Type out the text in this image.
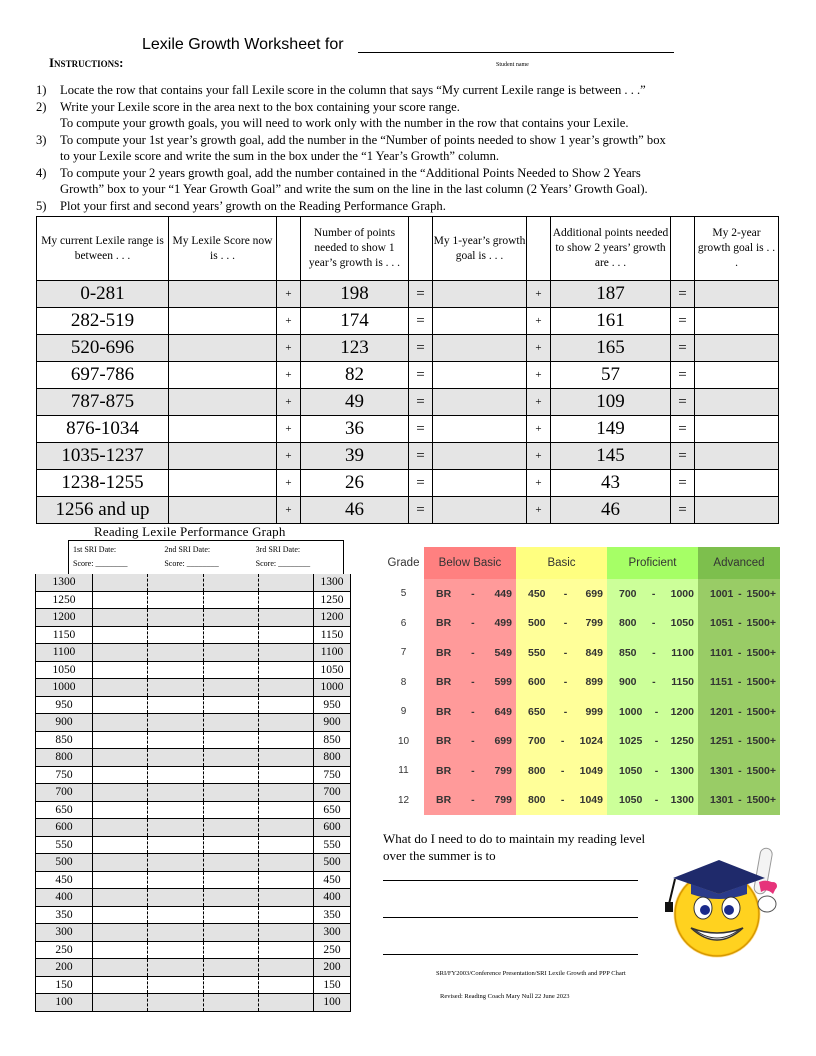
Lexile Growth Worksheet for
Instructions:	Student name
1)	Locate the row that contains your fall Lexile score in the column that says “My current Lexile range is between . . .”
2)	Write your Lexile score in the area next to the box containing your score range.
To compute your growth goals, you will need to work only with the number in the row that contains your Lexile.
3)	To compute your 1st year’s growth goal, add the number in the “Number of points needed to show 1 year’s growth” box
to your Lexile score and write the sum in the box under the “1 Year’s Growth” column.
4)	To compute your 2 years growth goal, add the number contained in the “Additional Points Needed to Show 2 Years
Growth” box to your “1 Year Growth Goal” and write the sum on the line in the last column (2 Years’ Growth Goal).
5)	Plot your first and second years’ growth on the Reading Performance Graph.
My current Lexile range is between . . .	My Lexile Score now is . . .		Number of points needed to show 1 year’s growth is . . .		My 1-year’s growth goal is . . .		Additional points needed to show 2 years’ growth are . . .		My 2-year growth goal is . . .
0-281		+	198	=		+	187	=	
282-519		+	174	=		+	161	=	
520-696		+	123	=		+	165	=	
697-786		+	82	=		+	57	=	
787-875		+	49	=		+	109	=	
876-1034		+	36	=		+	149	=	
1035-1237		+	39	=		+	145	=	
1238-1255		+	26	=		+	43	=	
1256 and up		+	46	=		+	46	=	
Reading Lexile Performance Graph
1st SRI Date:
Score: ________
2nd SRI Date:
Score: ________
3rd SRI Date:
Score: ________
1300					1300
1250					1250
1200					1200
1150					1150
1100					1100
1050					1050
1000					1000
950					950
900					900
850					850
800					800
750					750
700					700
650					650
600					600
550					550
500					500
450					450
400					400
350					350
300					300
250					250
200					200
150					150
100					100
Grade	Below Basic	Basic	Proficient	Advanced
5	BR - 449	450 - 699	700 - 1000	1001 - 1500+

6	BR - 499	500 - 799	800 - 1050	1051 - 1500+

7	BR - 549	550 - 849	850 - 1100	1101 - 1500+

8	BR - 599	600 - 899	900 - 1150	1151 - 1500+

9	BR - 649	650 - 999	1000 - 1200	1201 - 1500+

10	BR - 699	700 - 1024	1025 - 1250	1251 - 1500+

11	BR - 799	800 - 1049	1050 - 1300	1301 - 1500+

12	BR - 799	800 - 1049	1050 - 1300	1301 - 1500+
What do I need to do to maintain my reading level over the summer is to
SRI/FY2003/Conference Presentation/SRI Lexile Growth and PPP Chart
Revised: Reading Coach Mary Null 22 June 2023
